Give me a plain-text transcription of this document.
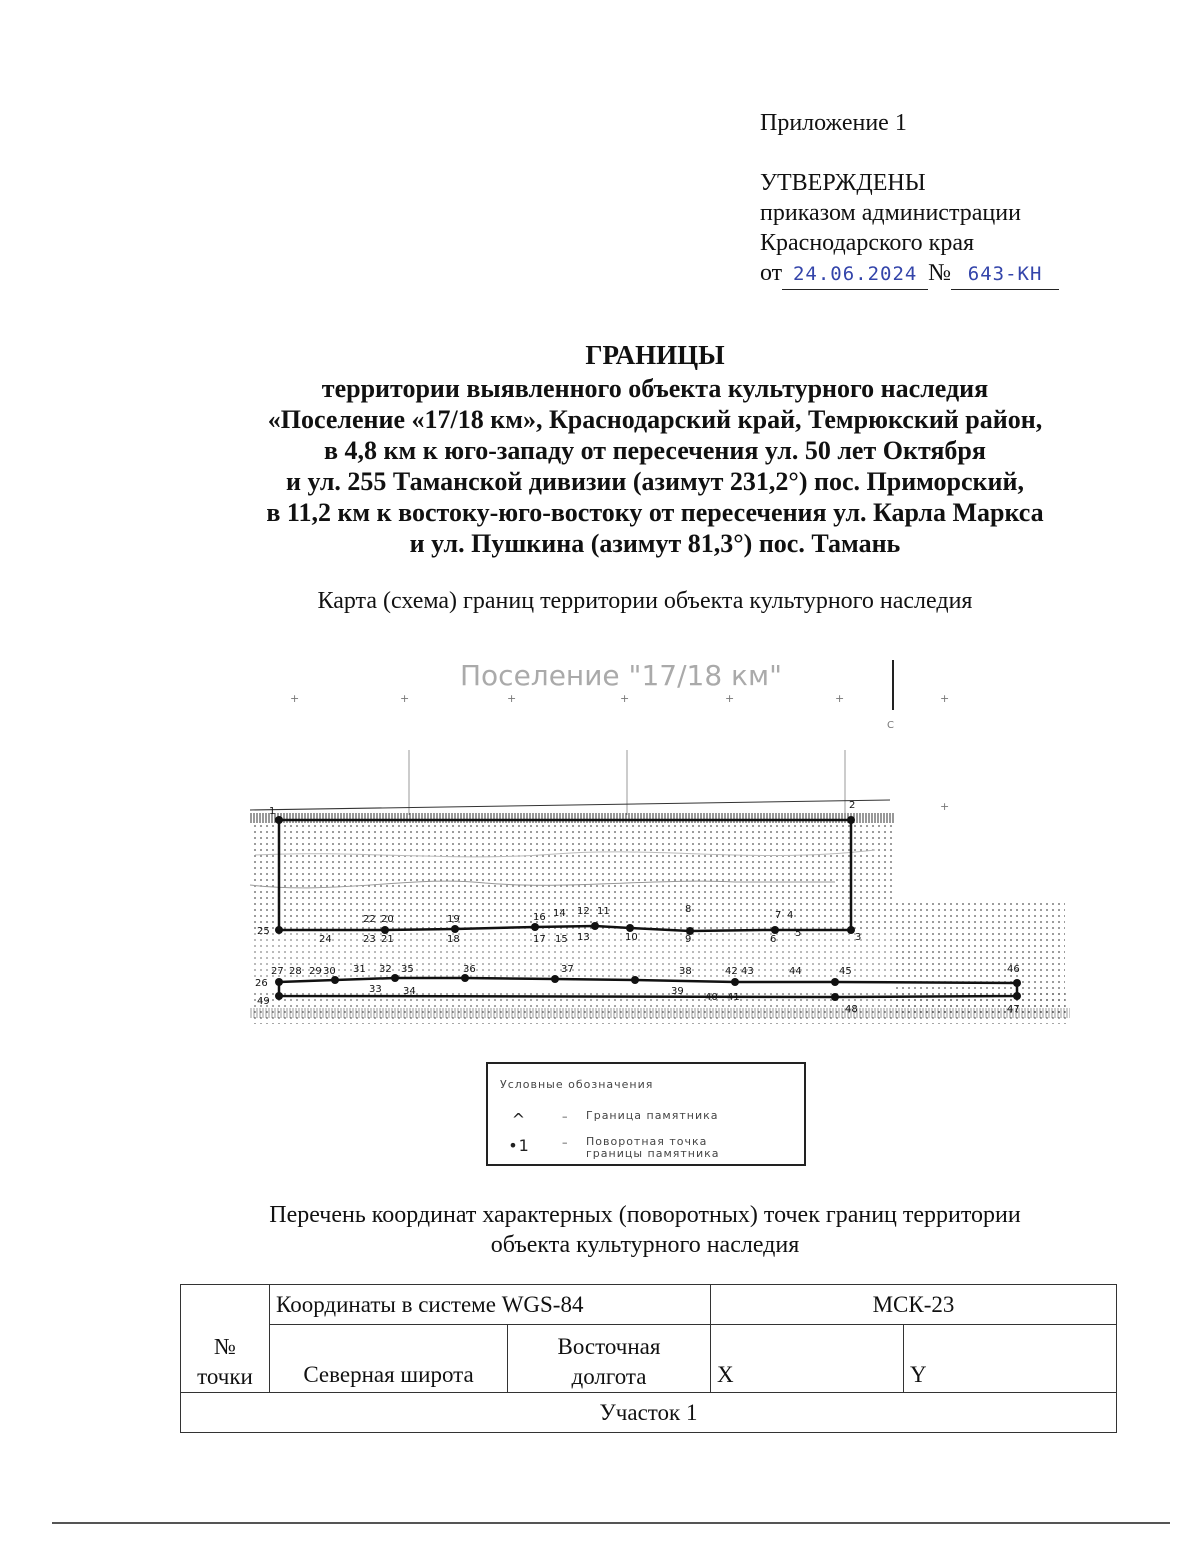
Приложение 1
УТВЕРЖДЕНЫ
приказом администрации
Краснодарского края
от 24.06.2024 № 643-КН
ГРАНИЦЫ
территории выявленного объекта культурного наследия
«Поселение «17/18 км», Краснодарский край, Темрюкский район,
в 4,8 км к юго-западу от пересечения ул. 50 лет Октября
и ул. 255 Таманской дивизии (азимут 231,2°) пос. Приморский,
в 11,2 км к востоку-юго-востоку от пересечения ул. Карла Маркса
и ул. Пушкина (азимут 81,3°) пос. Тамань
Карта (схема) границ территории объекта культурного наследия
Поселение "17/18 км"
С
+	+	+	+	+	+	+
+
1
2
3
4
5
6
7
8
9
10
11
12
13
14
15
16
17
18
19
20
21
22
23
24
25
26
27 28 29 30 31 32
33 34
35	36	37	38
39
40 41
42 43	44	45	46
47
48
49
Условные обозначения
^	– Граница памятника
•1	– Поворотная точка
границы памятника
Перечень координат характерных (поворотных) точек границ территории
объекта культурного наследия
№
точки	Координаты в системе WGS-84		МСК-23	
	Северная широта	Восточная
долгота	X	Y
Участок 1				
